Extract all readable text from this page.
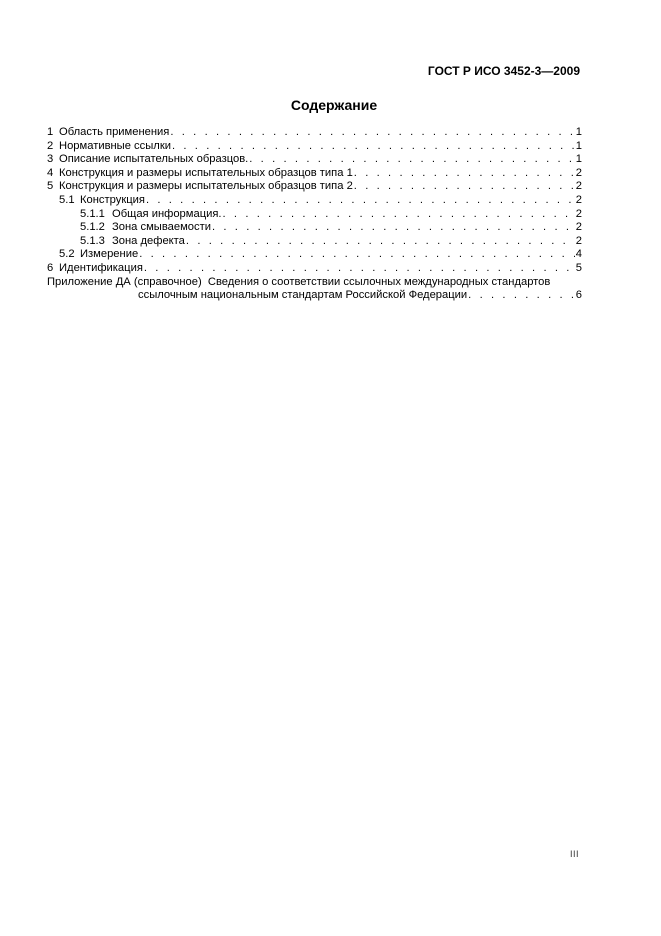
ГОСТ Р ИСО 3452-3—2009
Содержание
1 Область применения . . .	1
2 Нормативные ссылки . . .	1
3 Описание испытательных образцов. . . .	1
4 Конструкция и размеры испытательных образцов типа 1 . . .	2
5 Конструкция и размеры испытательных образцов типа 2 . . .	2
5.1 Конструкция . . .	2
5.1.1 Общая информация. . . .	2
5.1.2 Зона смываемости . . .	2
5.1.3 Зона дефекта . . .	2
5.2 Измерение . . .	4
6 Идентификация . . .	5
Приложение ДА (справочное) Сведения о соответствии ссылочных международных стандартов
ссылочным национальным стандартам Российской Федерации . . .	6
III
